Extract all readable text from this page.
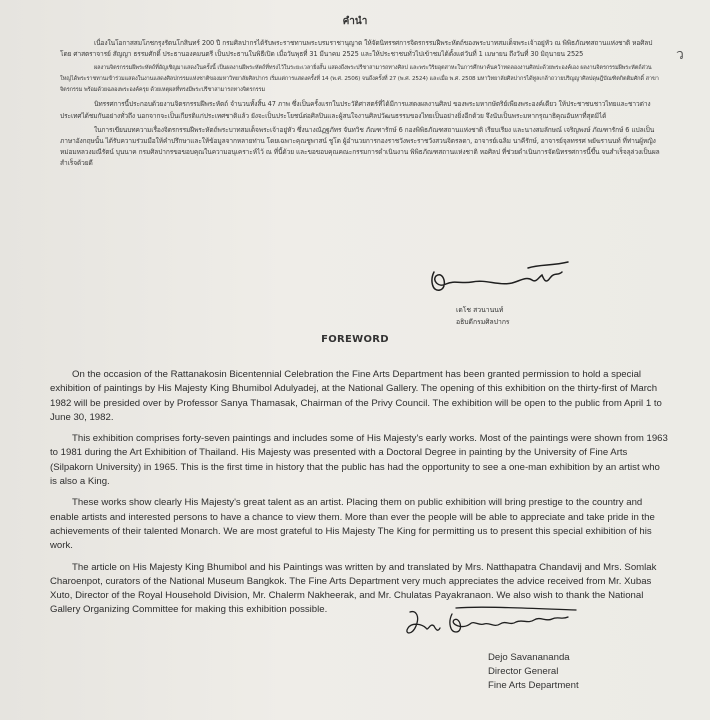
คำนำ
ว

เนื่องในโอกาสสมโภชกรุงรัตนโกสินทร์ 200 ปี กรมศิลปากรได้รับพระราชทานพระบรมราชานุญาต ให้จัดนิทรรศการจิตรกรรมฝีพระหัตถ์ของพระบาทสมเด็จพระเจ้าอยู่หัว ณ พิพิธภัณฑสถานแห่งชาติ หอศิลป โดย ศาสตราจารย์ สัญญา ธรรมศักดิ์ ประธานองคมนตรี เป็นประธานในพิธีเปิด เมื่อวันพุธที่ 31 มีนาคม 2525 และให้ประชาชนทั่วไปเข้าชมได้ตั้งแต่วันที่ 1 เมษายน ถึงวันที่ 30 มิถุนายน 2525

ผลงานจิตรกรรมฝีพระหัตถ์ที่อัญเชิญมาแสดงในครั้งนี้ เป็นผลงานฝีพระหัตถ์ที่ทรงไว้ในระยะเวลายิ่งสั้น แสดงถึงพระปรีชาสามารถทางศิลป และพระวิริยอุตสาหะในการศึกษาค้นคว้าทดลองงานศิลปะด้วยพระองค์เอง ผลงานจิตรกรรมฝีพระหัตถ์ส่วนใหญ่ได้พระราชทานเข้าร่วมแสดงในงานแสดงศิลปกรรมแห่งชาติของมหาวิทยาลัยศิลปากร เริ่มแต่การแสดงครั้งที่ 14 (พ.ศ. 2506) จนถึงครั้งที่ 27 (พ.ศ. 2524) และเมื่อ พ.ศ. 2508 มหาวิทยาลัยศิลปากรได้ทูลเกล้าถวายปริญญาศิลปดุษฎีบัณฑิตกิตติมศักดิ์ สาขาจิตรกรรม พร้อมด้วยฉลองพระองค์ครุย ด้วยเหตุผลที่ทรงมีพระปรีชาสามารถทางจิตรกรรม

นิทรรศการนี้ประกอบด้วยงานจิตรกรรมฝีพระหัตถ์ จำนวนทั้งสิ้น 47 ภาพ ซึ่งเป็นครั้งแรกในประวัติศาสตร์ที่ได้มีการแสดงผลงานศิลป ของพระมหากษัตริย์เพียงพระองค์เดียว ให้ประชาชนชาวไทยและชาวต่างประเทศได้ชมกันอย่างทั่วถึง นอกจากจะเป็นเกียรติแก่ประเทศชาติแล้ว ยังจะเป็นประโยชน์ต่อศิลปินและผู้สนใจงานศิลปวัฒนธรรมของไทยเป็นอย่างยิ่งอีกด้วย จึงนับเป็นพระมหากรุณาธิคุณอันหาที่สุดมิได้

ในการเขียนบทความเรื่องจิตรกรรมฝีพระหัตถ์พระบาทสมเด็จพระเจ้าอยู่หัว ซึ่งนางณัฏฐภัทร จันทวิช ภัณฑารักษ์ 6 กองพิพิธภัณฑสถานแห่งชาติ เรียบเรียง และนางสมลักษณ์ เจริญพงษ์ ภัณฑารักษ์ 6 แปลเป็นภาษาอังกฤษนั้น ได้รับความร่วมมือให้คำปรึกษาและให้ข้อมูลจากหลายท่าน โดยเฉพาะคุณชูพาสน์ ชูโต ผู้อำนวยการกองราชวังพระราชวังสวนจิตรลดา, อาจารย์เฉลิม นาคีรักษ์, อาจารย์จุลทรรศ พยัฆรานนท์ ที่ท่านผู้หญิง หม่อมหลวงมณีรัตน์ บุนนาค กรมศิลปากรขอขอบคุณในความอนุเคราะห์ไว้ ณ ที่นี้ด้วย และขอขอบคุณคณะกรรมการดำเนินงาน พิพิธภัณฑสถานแห่งชาติ หอศิลป ที่ช่วยดำเนินการจัดนิทรรศการนี้ขึ้น จนสำเร็จลุล่วงเป็นผลสำเร็จด้วยดี

เดโช สวนานนท์
อธิบดีกรมศิลปากร
FOREWORD

On the occasion of the Rattanakosin Bicentennial Celebration the Fine Arts Department has been granted permission to hold a special exhibition of paintings by His Majesty King Bhumibol Adulyadej, at the National Gallery. The opening of this exhibition on the thirty-first of March 1982 will be presided over by Professor Sanya Thamasak, Chairman of the Privy Council. The exhibition will be open to the public from April 1 to June 30, 1982.

This exhibition comprises forty-seven paintings and includes some of His Majesty's early works. Most of the paintings were shown from 1963 to 1981 during the Art Exhibition of Thailand. His Majesty was presented with a Doctoral Degree in painting by the University of Fine Arts (Silpakorn University) in 1965. This is the first time in history that the public has had the opportunity to see a one-man exhibition by an artist who is also a King.

These works show clearly His Majesty's great talent as an artist. Placing them on public exhibition will bring prestige to the country and enable artists and interested persons to have a chance to view them. More than ever the people will be able to appreciate and take pride in the achievements of their talented Monarch. We are most grateful to His Majesty The King for permitting us to present this special exhibition of his work.

The article on His Majesty King Bhumibol and his Paintings was written by and translated by Mrs. Natthapatra Chandavij and Mrs. Somlak Charoenpot, curators of the National Museum Bangkok. The Fine Arts Department very much appreciates the advice received from Mr. Xubas Xuto, Director of the Royal Household Division, Mr. Chalerm Nakheerak, and Mr. Chulatas Payakranaon. We also wish to thank the National Gallery Organizing Committee for making this exhibition possible.

Dejo Savanananda
Director General
Fine Arts Department
